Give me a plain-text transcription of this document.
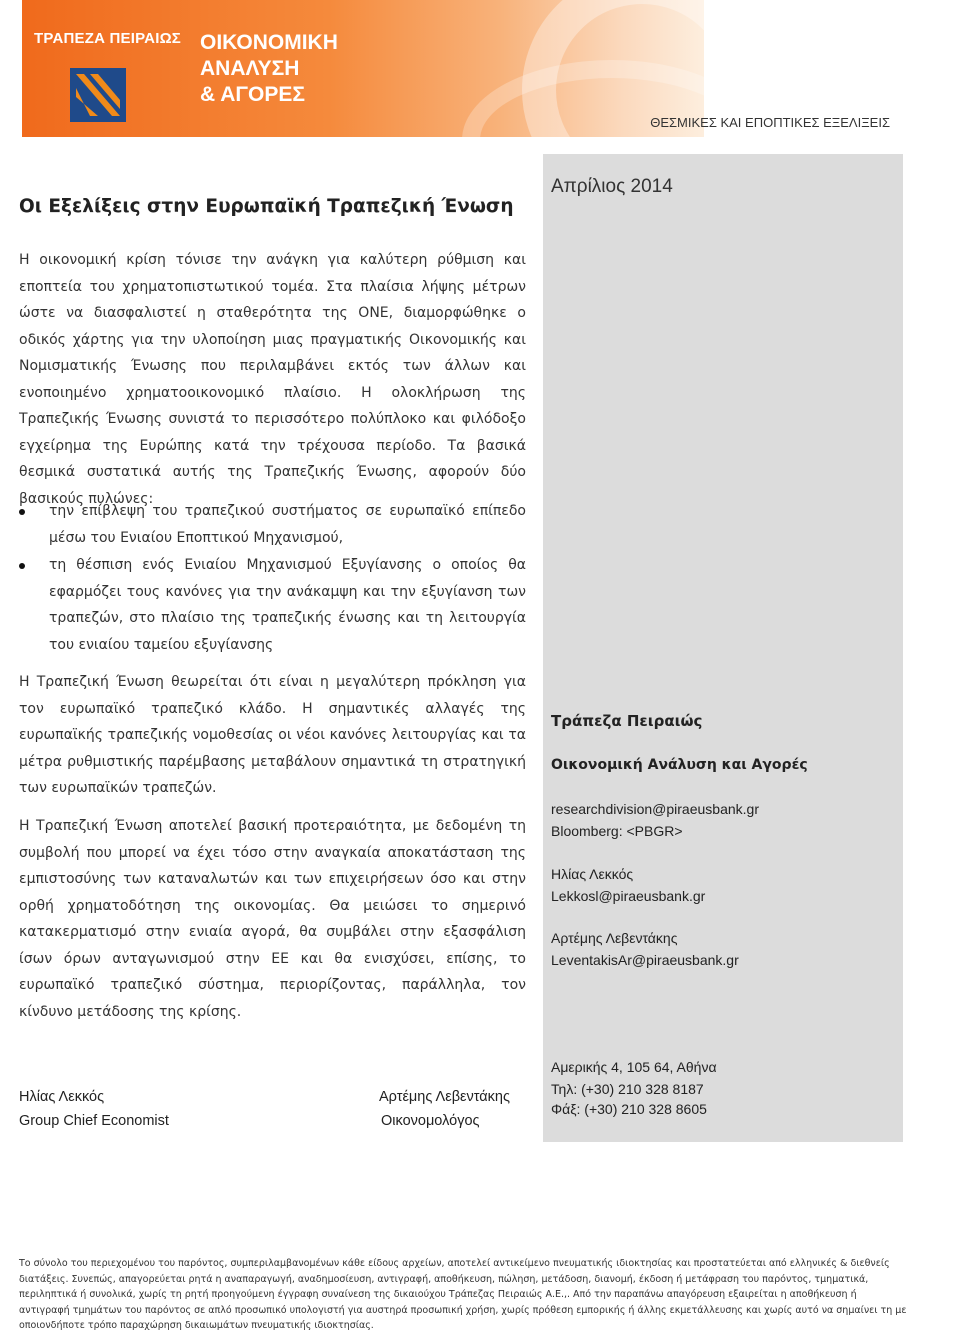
ΤΡΑΠΕΖΑ ΠΕΙΡΑΙΩΣ ΟΙΚΟΝΟΜΙΚΗ
ΑΝΑΛΥΣΗ
& ΑΓΟΡΕΣ
ΘΕΣΜΙΚΕΣ ΚΑΙ ΕΠΟΠΤΙΚΕΣ ΕΞΕΛΙΞΕΙΣ
Απρίλιος 2014
Τράπεζα Πειραιώς
Οικονομική Ανάλυση και Αγορές
researchdivision@piraeusbank.gr
Bloomberg: <PBGR>
Ηλίας Λεκκός
Lekkosl@piraeusbank.gr
Αρτέμης Λεβεντάκης
LeventakisAr@piraeusbank.gr
Αμερικής 4, 105 64, Αθήνα
Τηλ: (+30) 210 328 8187
Φάξ: (+30) 210 328 8605
Οι Εξελίξεις στην Ευρωπαϊκή Τραπεζική Ένωση
Η οικονομική κρίση τόνισε την ανάγκη για καλύτερη ρύθμιση και εποπτεία του χρηματοπιστωτικού τομέα. Στα πλαίσια λήψης μέτρων ώστε να διασφαλιστεί η σταθερότητα της ΟΝΕ, διαμορφώθηκε ο οδικός χάρτης για την υλοποίηση μιας πραγματικής Οικονομικής και Νομισματικής Ένωσης που περιλαμβάνει εκτός των άλλων και ενοποιημένο χρηματοοικονομικό πλαίσιο. Η ολοκλήρωση της Τραπεζικής Ένωσης συνιστά το περισσότερο πολύπλοκο και φιλόδοξο εγχείρημα της Ευρώπης κατά την τρέχουσα περίοδο. Τα βασικά θεσμικά συστατικά αυτής της Τραπεζικής Ένωσης, αφορούν δύο βασικούς πυλώνες:
την επίβλεψη του τραπεζικού συστήματος σε ευρωπαϊκό επίπεδο μέσω του Ενιαίου Εποπτικού Μηχανισμού,
τη θέσπιση ενός Ενιαίου Μηχανισμού Εξυγίανσης ο οποίος θα εφαρμόζει τους κανόνες για την ανάκαμψη και την εξυγίανση των τραπεζών, στο πλαίσιο της τραπεζικής ένωσης και τη λειτουργία του ενιαίου ταμείου εξυγίανσης
Η Τραπεζική Ένωση θεωρείται ότι είναι η μεγαλύτερη πρόκληση για τον ευρωπαϊκό τραπεζικό κλάδο. Η σημαντικές αλλαγές της ευρωπαϊκής τραπεζικής νομοθεσίας οι νέοι κανόνες λειτουργίας και τα μέτρα ρυθμιστικής παρέμβασης μεταβάλουν σημαντικά τη στρατηγική των ευρωπαϊκών τραπεζών.
Η Τραπεζική Ένωση αποτελεί βασική προτεραιότητα, με δεδομένη τη συμβολή που μπορεί να έχει τόσο στην αναγκαία αποκατάσταση της εμπιστοσύνης των καταναλωτών και των επιχειρήσεων όσο και στην ορθή χρηματοδότηση της οικονομίας. Θα μειώσει το σημερινό κατακερματισμό στην ενιαία αγορά, θα συμβάλει στην εξασφάλιση ίσων όρων ανταγωνισμού στην ΕΕ και θα ενισχύσει, επίσης, το ευρωπαϊκό τραπεζικό σύστημα, περιορίζοντας, παράλληλα, τον κίνδυνο μετάδοσης της κρίσης.
Ηλίας Λεκκός
Group Chief Economist
Αρτέμης Λεβεντάκης
Οικονομολόγος
Το σύνολο του περιεχομένου του παρόντος, συμπεριλαμβανομένων κάθε είδους αρχείων, αποτελεί αντικείμενο πνευματικής ιδιοκτησίας και προστατεύεται από ελληνικές & διεθνείς διατάξεις. Συνεπώς, απαγορεύεται ρητά η αναπαραγωγή, αναδημοσίευση, αντιγραφή, αποθήκευση, πώληση, μετάδοση, διανομή, έκδοση ή μετάφραση του παρόντος, τμηματικά, περιληπτικά ή συνολικά, χωρίς τη ρητή προηγούμενη έγγραφη συναίνεση της δικαιούχου Τράπεζας Πειραιώς Α.Ε.,. Από την παραπάνω απαγόρευση εξαιρείται η αποθήκευση ή αντιγραφή τμημάτων του παρόντος σε απλό προσωπικό υπολογιστή για αυστηρά προσωπική χρήση, χωρίς πρόθεση εμπορικής ή άλλης εκμετάλλευσης και χωρίς αυτό να σημαίνει τη με οποιονδήποτε τρόπο παραχώρηση δικαιωμάτων πνευματικής ιδιοκτησίας.
